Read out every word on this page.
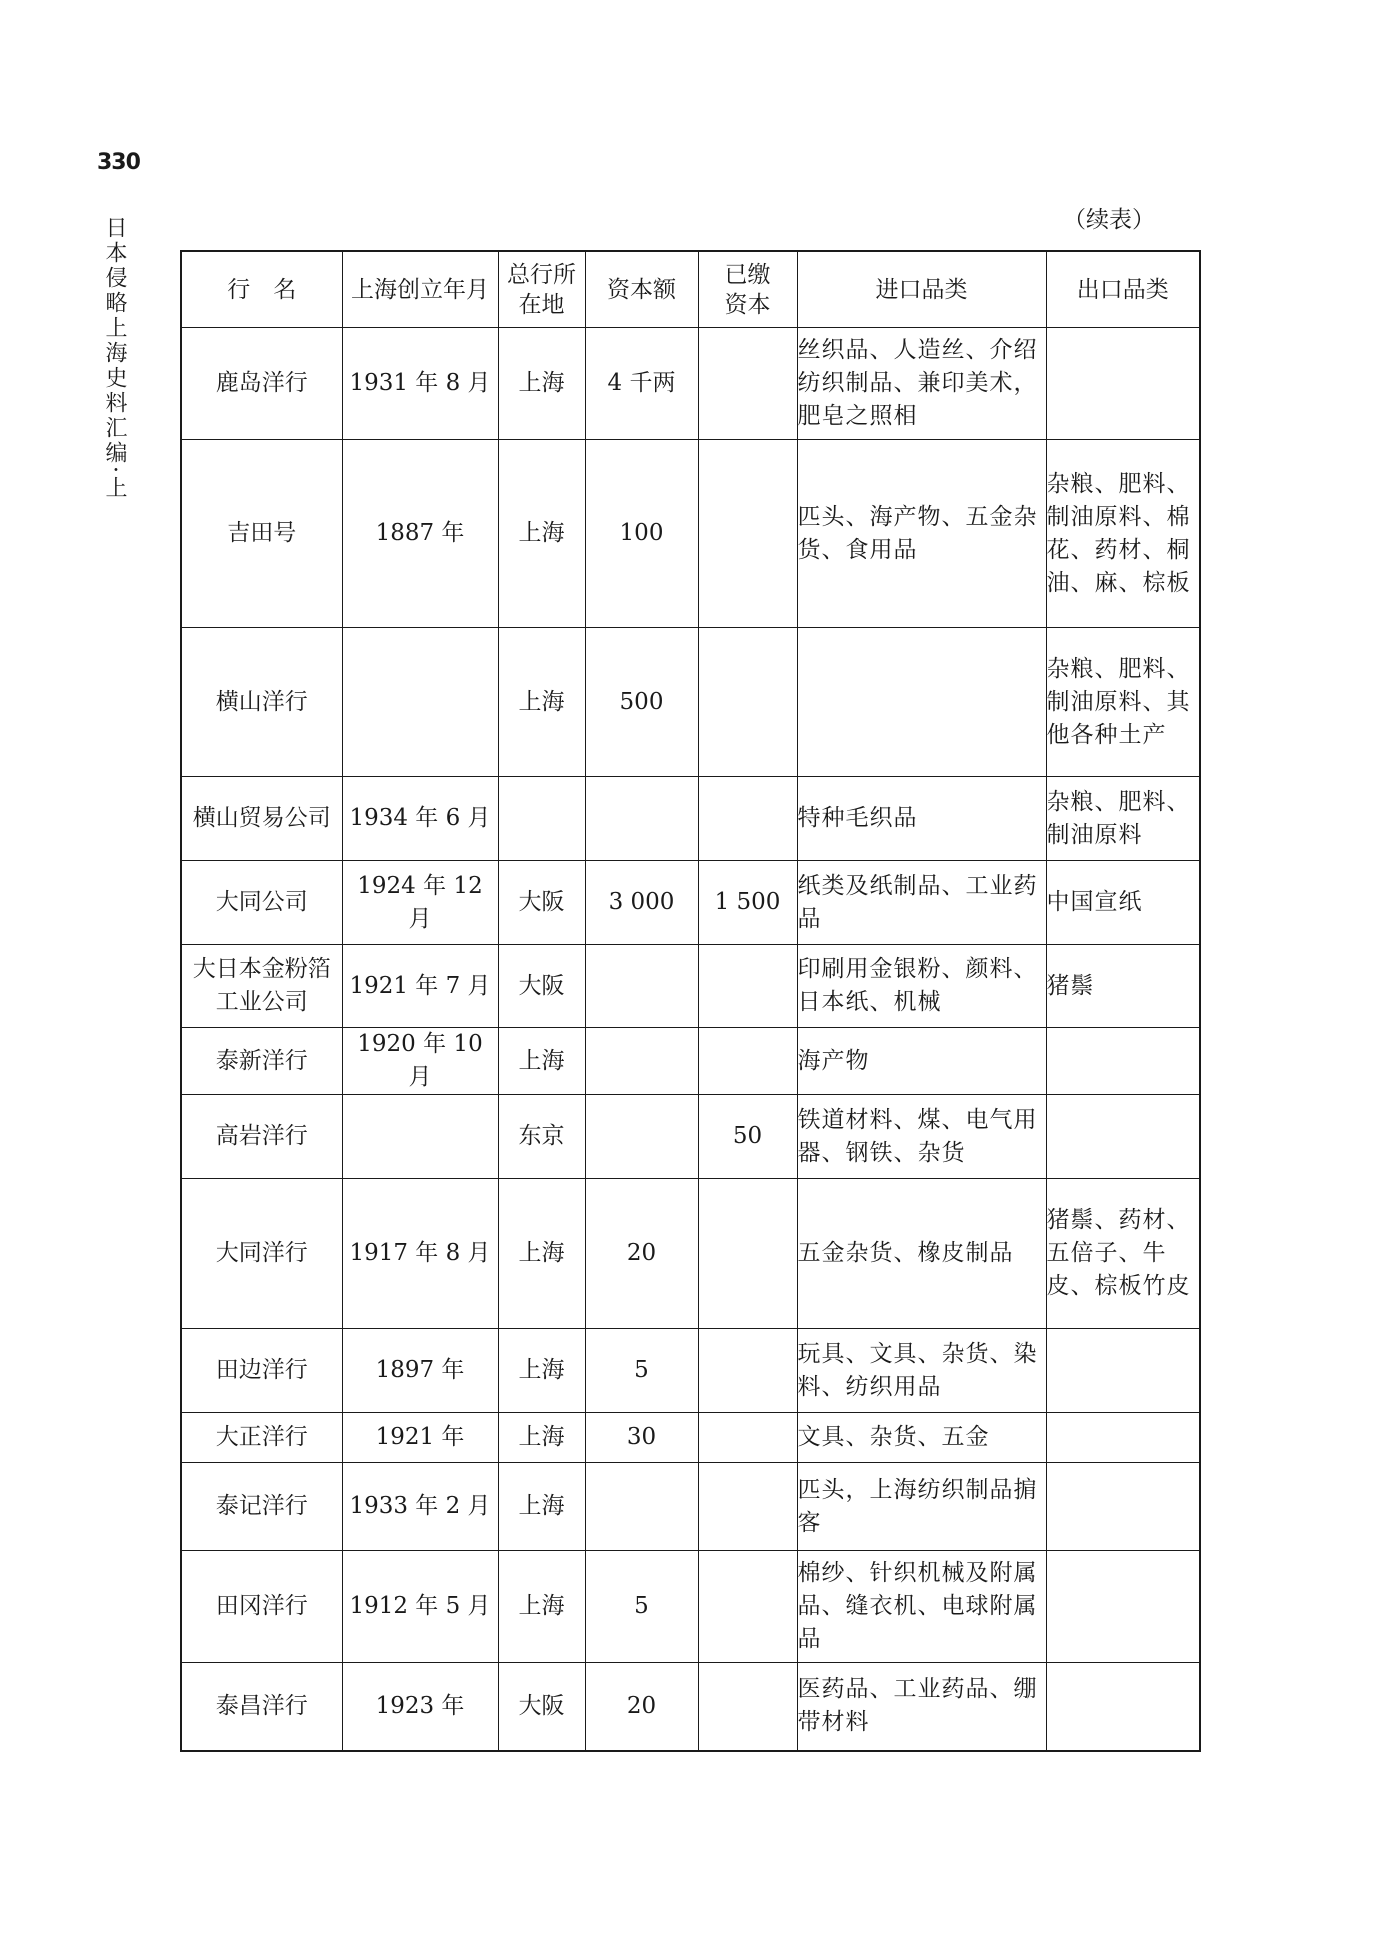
330
日本侵略上海史料汇编·上	（续表）
行　名	上海创立年月	总行所在地	资本额	已缴资本	进口品类	出口品类
鹿岛洋行	1931 年 8 月	上海	4 千两		丝织品、人造丝、介绍纺织制品、兼印美术，肥皂之照相	
吉田号	1887 年	上海	100		匹头、海产物、五金杂货、食用品	杂粮、肥料、制油原料、棉花、药材、桐油、麻、棕板
横山洋行		上海	500			杂粮、肥料、制油原料、其他各种土产
横山贸易公司	1934 年 6 月				特种毛织品	杂粮、肥料、制油原料
大同公司	1924 年 12 月	大阪	3 000	1 500	纸类及纸制品、工业药品	中国宣纸
大日本金粉箔工业公司	1921 年 7 月	大阪			印刷用金银粉、颜料、日本纸、机械	猪鬃
泰新洋行	1920 年 10 月	上海			海产物	
高岩洋行		东京		50	铁道材料、煤、电气用器、钢铁、杂货	
大同洋行	1917 年 8 月	上海	20		五金杂货、橡皮制品	猪鬃、药材、五倍子、牛皮、棕板竹皮
田边洋行	1897 年	上海	5		玩具、文具、杂货、染料、纺织用品	
大正洋行	1921 年	上海	30		文具、杂货、五金	
泰记洋行	1933 年 2 月	上海			匹头，上海纺织制品掮客	
田冈洋行	1912 年 5 月	上海	5		棉纱、针织机械及附属品、缝衣机、电球附属品	
泰昌洋行	1923 年	大阪	20		医药品、工业药品、绷带材料	
